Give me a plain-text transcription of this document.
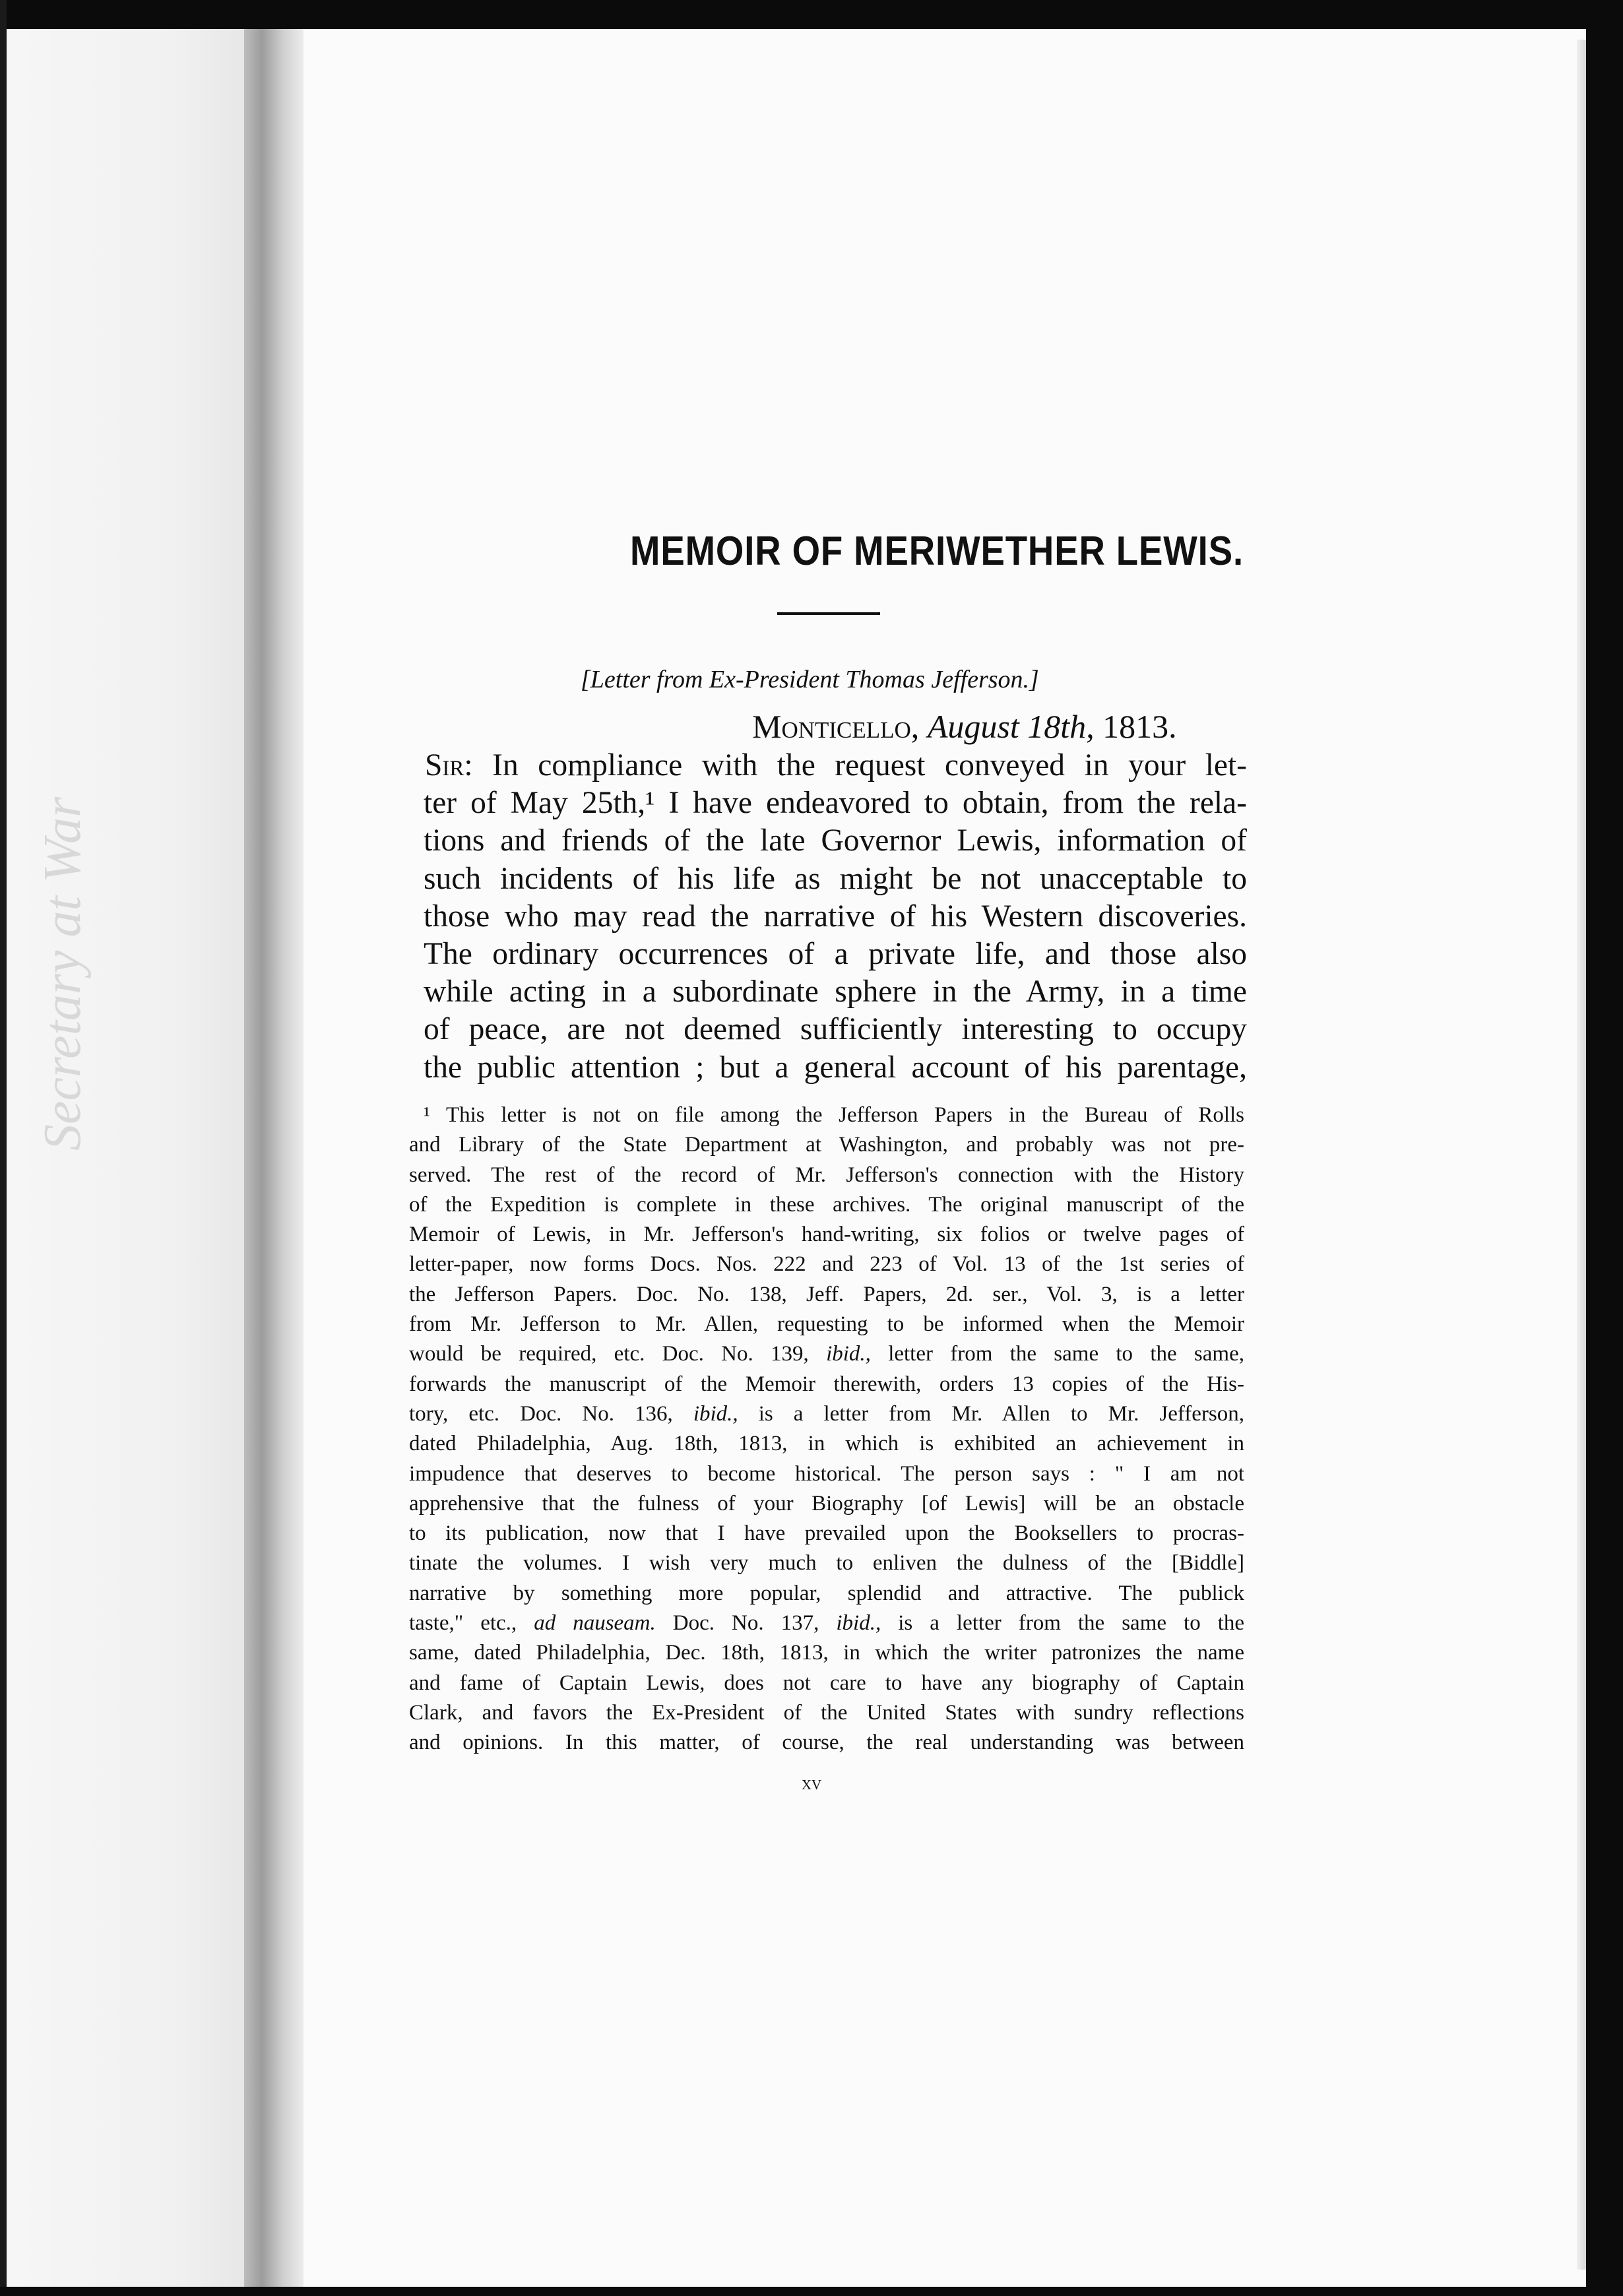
Secretary at War
MEMOIR OF MERIWETHER LEWIS.
[Letter from Ex-President Thomas Jefferson.]
Monticello, August 18th, 1813.
Sir: In compliance with the request conveyed in your let-
ter of May 25th,¹ I have endeavored to obtain, from the rela-
tions and friends of the late Governor Lewis, information of
such incidents of his life as might be not unacceptable to
those who may read the narrative of his Western discoveries.
The ordinary occurrences of a private life, and those also
while acting in a subordinate sphere in the Army, in a time
of peace, are not deemed sufficiently interesting to occupy
the public attention ; but a general account of his parentage,
¹ This letter is not on file among the Jefferson Papers in the Bureau of Rolls
and Library of the State Department at Washington, and probably was not pre-
served. The rest of the record of Mr. Jefferson's connection with the History
of the Expedition is complete in these archives. The original manuscript of the
Memoir of Lewis, in Mr. Jefferson's hand-writing, six folios or twelve pages of
letter-paper, now forms Docs. Nos. 222 and 223 of Vol. 13 of the 1st series of
the Jefferson Papers. Doc. No. 138, Jeff. Papers, 2d. ser., Vol. 3, is a letter
from Mr. Jefferson to Mr. Allen, requesting to be informed when the Memoir
would be required, etc. Doc. No. 139, ibid., letter from the same to the same,
forwards the manuscript of the Memoir therewith, orders 13 copies of the His-
tory, etc. Doc. No. 136, ibid., is a letter from Mr. Allen to Mr. Jefferson,
dated Philadelphia, Aug. 18th, 1813, in which is exhibited an achievement in
impudence that deserves to become historical. The person says : " I am not
apprehensive that the fulness of your Biography [of Lewis] will be an obstacle
to its publication, now that I have prevailed upon the Booksellers to procras-
tinate the volumes. I wish very much to enliven the dulness of the [Biddle]
narrative by something more popular, splendid and attractive. The publick
taste," etc., ad nauseam. Doc. No. 137, ibid., is a letter from the same to the
same, dated Philadelphia, Dec. 18th, 1813, in which the writer patronizes the name
and fame of Captain Lewis, does not care to have any biography of Captain
Clark, and favors the Ex-President of the United States with sundry reflections
and opinions. In this matter, of course, the real understanding was between
xv
